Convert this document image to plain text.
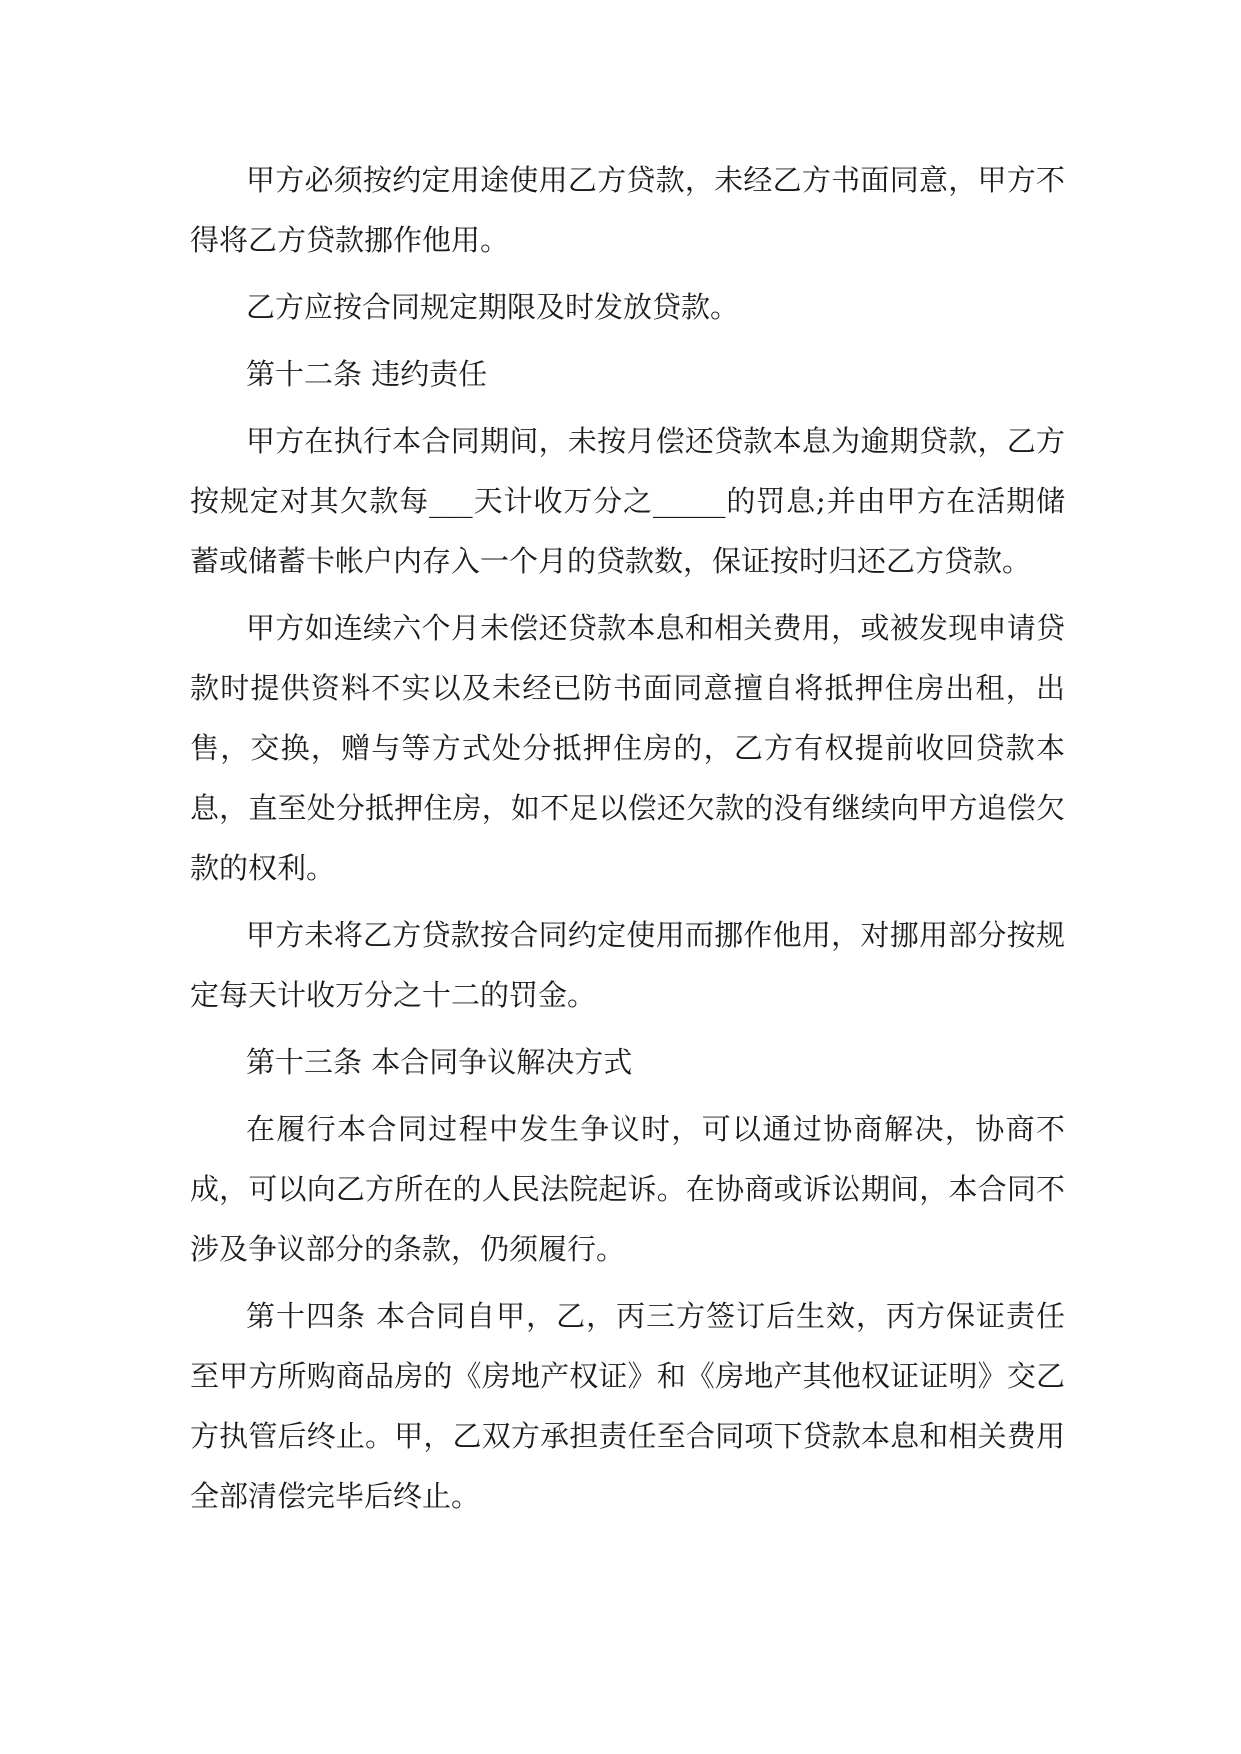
甲方必须按约定用途使用乙方贷款，未经乙方书面同意，甲方不得将乙方贷款挪作他用。

乙方应按合同规定期限及时发放贷款。

第十二条 违约责任

甲方在执行本合同期间，未按月偿还贷款本息为逾期贷款，乙方按规定对其欠款每___天计收万分之_____的罚息;并由甲方在活期储蓄或储蓄卡帐户内存入一个月的贷款数，保证按时归还乙方贷款。

甲方如连续六个月未偿还贷款本息和相关费用，或被发现申请贷款时提供资料不实以及未经已防书面同意擅自将抵押住房出租，出售，交换，赠与等方式处分抵押住房的，乙方有权提前收回贷款本息，直至处分抵押住房，如不足以偿还欠款的没有继续向甲方追偿欠款的权利。

甲方未将乙方贷款按合同约定使用而挪作他用，对挪用部分按规定每天计收万分之十二的罚金。

第十三条 本合同争议解决方式

在履行本合同过程中发生争议时，可以通过协商解决，协商不成，可以向乙方所在的人民法院起诉。在协商或诉讼期间，本合同不涉及争议部分的条款，仍须履行。

第十四条 本合同自甲，乙，丙三方签订后生效，丙方保证责任至甲方所购商品房的《房地产权证》和《房地产其他权证证明》交乙方执管后终止。甲，乙双方承担责任至合同项下贷款本息和相关费用全部清偿完毕后终止。
